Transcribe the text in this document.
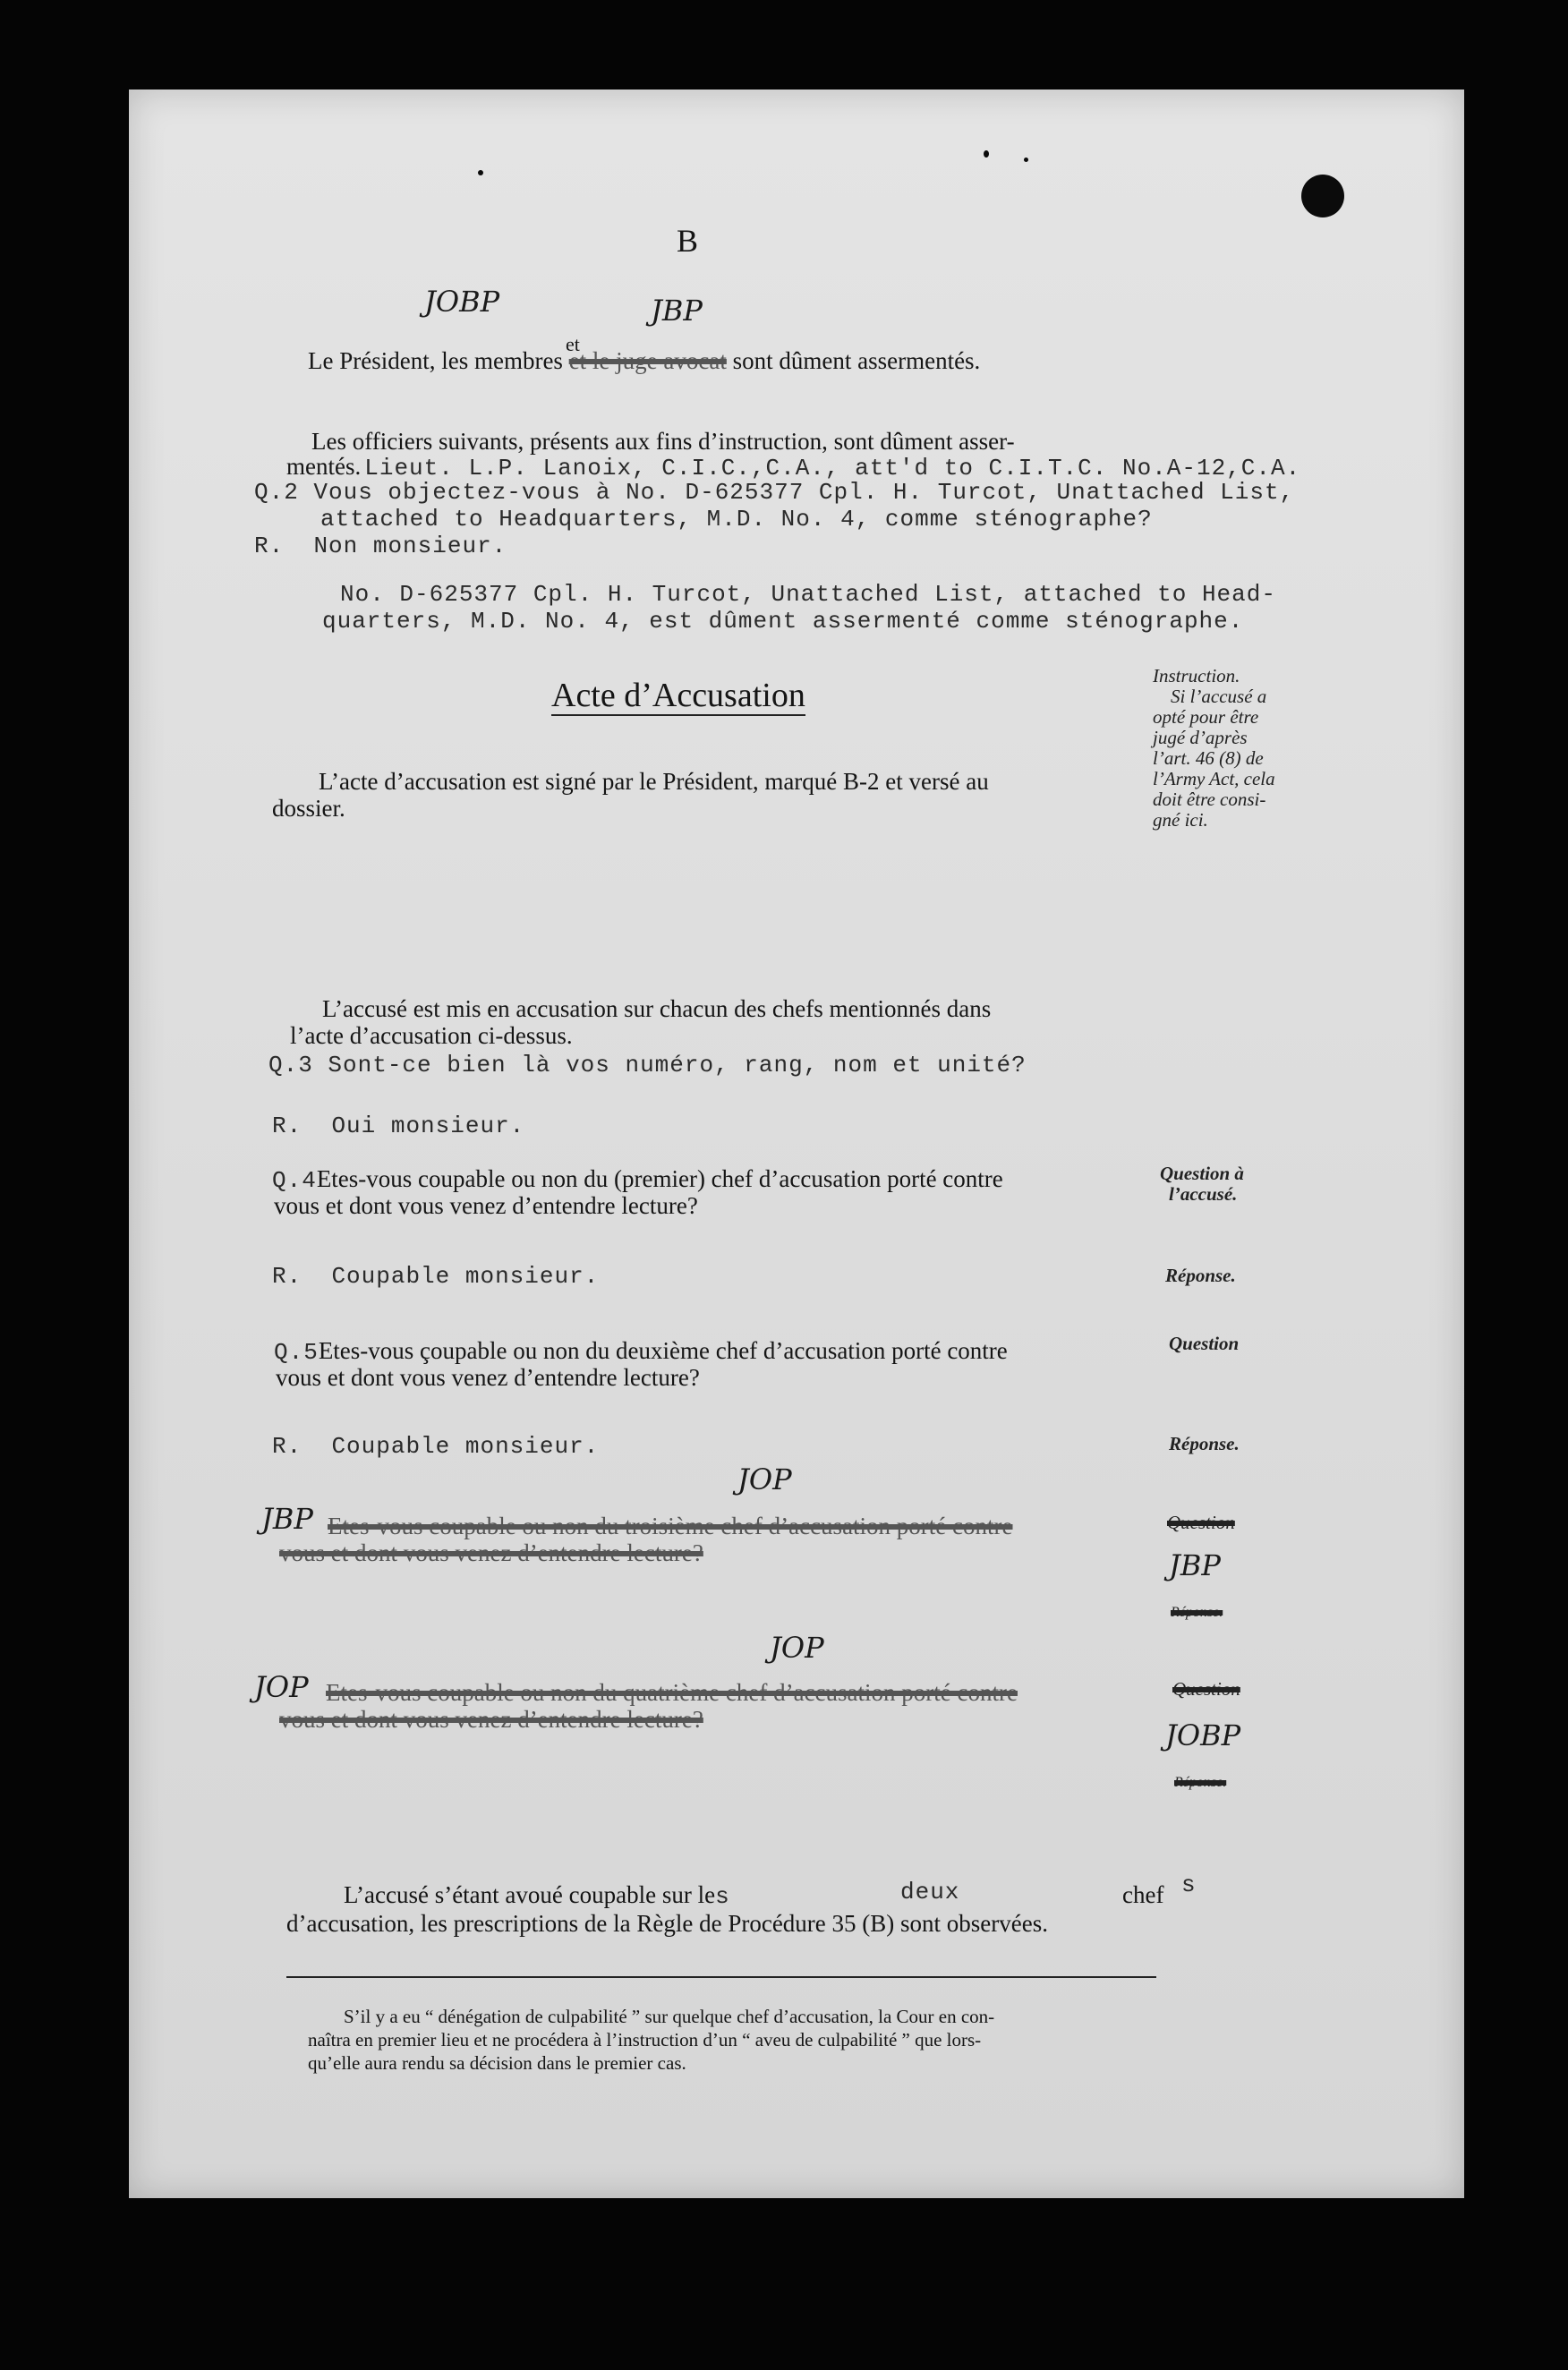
B
JOBP	JBP
et
Le Président, les membres et le juge avocat sont dûment assermentés.
Les officiers suivants, présents aux fins d’instruction, sont dûment asser-
mentés. Lieut. L.P. Lanoix, C.I.C.,C.A., att'd to C.I.T.C. No.A-12,C.A.
Q.2 Vous objectez-vous à No. D-625377 Cpl. H. Turcot, Unattached List,
attached to Headquarters, M.D. No. 4, comme sténographe?
R. Non monsieur.
No. D-625377 Cpl. H. Turcot, Unattached List, attached to Head-
quarters, M.D. No. 4, est dûment assermenté comme sténographe.
Acte d’Accusation
Instruction.
Si l’accusé a
opté pour être
jugé d’après
l’art. 46 (8) de
l’Army Act, cela
doit être consi-
gné ici.
L’acte d’accusation est signé par le Président, marqué B-2 et versé au
dossier.
L’accusé est mis en accusation sur chacun des chefs mentionnés dans
l’acte d’accusation ci-dessus.
Q.3 Sont-ce bien là vos numéro, rang, nom et unité?
R. Oui monsieur.
Q.4Etes-vous coupable ou non du (premier) chef d’accusation porté contre
vous et dont vous venez d’entendre lecture?
Question à
l’accusé.
R. Coupable monsieur.	Réponse.
Q.5Etes-vous çoupable ou non du deuxième chef d’accusation porté contre
vous et dont vous venez d’entendre lecture?
Question
R. Coupable monsieur.	Réponse.
JOP
JBP Etes-vous coupable ou non du troisième chef d’accusation porté contre
vous et dont vous venez d’entendre lecture?
Question
JBP
Réponse.
JOP
JOP Etes-vous coupable ou non du quatrième chef d’accusation porté contre
vous et dont vous venez d’entendre lecture?
Question
JOBP
Réponse.
L’accusé s’étant avoué coupable sur les	deux	chef s
d’accusation, les prescriptions de la Règle de Procédure 35 (B) sont observées.
S’il y a eu “ dénégation de culpabilité ” sur quelque chef d’accusation, la Cour en con-
naîtra en premier lieu et ne procédera à l’instruction d’un “ aveu de culpabilité ” que lors-
qu’elle aura rendu sa décision dans le premier cas.
